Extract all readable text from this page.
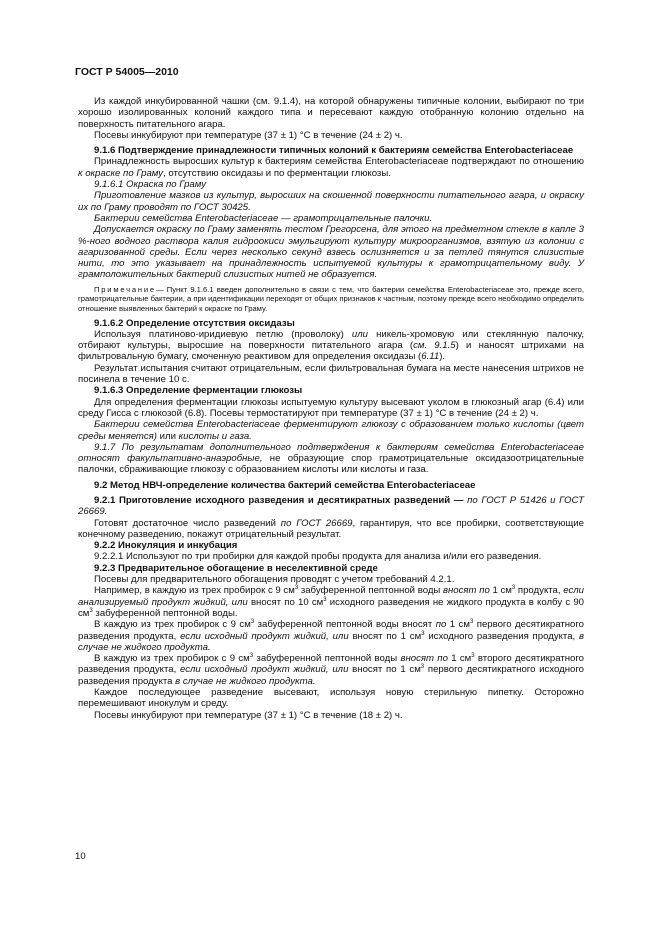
ГОСТ Р 54005—2010

Из каждой инкубированной чашки (см. 9.1.4), на которой обнаружены типичные колонии, выбирают по три хорошо изолированных колоний каждого типа и пересевают каждую отобранную колонию отдельно на поверхность питательного агара.

Посевы инкубируют при температуре (37 ± 1) °С в течение (24 ± 2) ч.

9.1.6 Подтверждение принадлежности типичных колоний к бактериям семейства Enterobacteriaceae

Принадлежность выросших культур к бактериям семейства Enterobacteriaceae подтверждают по отношению к окраске по Граму, отсутствию оксидазы и по ферментации глюкозы.

9.1.6.1 Окраска по Граму

Приготовление мазков из культур, выросших на скошенной поверхности питательного агара, и окраску их по Граму проводят по ГОСТ 30425.

Бактерии семейства Enterobacteriaceae — грамотрицательные палочки.

Допускается окраску по Граму заменять тестом Грегорсена, для этого на предметном стекле в капле 3 %-ного водного раствора калия гидроокиси эмульгируют культуру микроорганизмов, взятую из колонии с агаризованной среды. Если через несколько секунд взвесь ослизняется и за петлей тянутся слизистые нити, то это указывает на принадлежность испытуемой культуры к грамотрицательному виду. У грамположительных бактерий слизистых нитей не образуется.

Примечание— Пункт 9.1.6.1 введен дополнительно в связи с тем, что бактерии семейства Enterobacteriaceae это, прежде всего, грамотрицательные бактерии, а при идентификации переходят от общих признаков к частным, поэтому прежде всего необходимо определить отношение выявленных бактерий к окраске по Граму.

9.1.6.2 Определение отсутствия оксидазы

Используя платиново-иридиевую петлю (проволоку) или никель-хромовую или стеклянную палочку, отбирают культуры, выросшие на поверхности питательного агара (см. 9.1.5) и наносят штрихами на фильтровальную бумагу, смоченную реактивом для определения оксидазы (6.11).

Результат испытания считают отрицательным, если фильтровальная бумага на месте нанесения штрихов не посинела в течение 10 с.

9.1.6.3 Определение ферментации глюкозы

Для определения ферментации глюкозы испытуемую культуру высевают уколом в глюкозный агар (6.4) или среду Гисса с глюкозой (6.8). Посевы термостатируют при температуре (37 ± 1) °С в течение (24 ± 2) ч.

Бактерии семейства Enterobacteriaceae ферментируют глюкозу с образованием только кислоты (цвет среды меняется) или кислоты и газа.

9.1.7 По результатам дополнительного подтверждения к бактериям семейства Enterobacteriaceae относят факультативно-анаэробные, не образующие спор грамотрицательные оксидазоотрицательные палочки, сбраживающие глюкозу с образованием кислоты или кислоты и газа.

9.2 Метод НВЧ-определение количества бактерий семейства Enterobacteriaceae

9.2.1 Приготовление исходного разведения и десятикратных разведений — по ГОСТ Р 51426 и ГОСТ 26669.

Готовят достаточное число разведений по ГОСТ 26669, гарантируя, что все пробирки, соответствующие конечному разведению, покажут отрицательный результат.

9.2.2 Инокуляция и инкубация

9.2.2.1 Используют по три пробирки для каждой пробы продукта для анализа и/или его разведения.

9.2.3 Предварительное обогащение в неселективной среде

Посевы для предварительного обогащения проводят с учетом требований 4.2.1.

Например, в каждую из трех пробирок с 9 $см^3$ забуференной пептонной воды вносят по 1 $см^3$ продукта, если анализируемый продукт жидкий, или вносят по 10 $см^3$ исходного разведения не жидкого продукта в колбу с 90 $см^3$ забуференной пептонной воды.

В каждую из трех пробирок с 9 $см^3$ забуференной пептонной воды вносят по 1 $см^3$ первого десятикратного разведения продукта, если исходный продукт жидкий, или вносят по 1 $см^3$ исходного разведения продукта, в случае не жидкого продукта.

В каждую из трех пробирок с 9 $см^3$ забуференной пептонной воды вносят по 1 $см^3$ второго десятикратного разведения продукта, если исходный продукт жидкий, или вносят по 1 $см^3$ первого десятикратного исходного разведения продукта в случае не жидкого продукта.

Каждое последующее разведение высевают, используя новую стерильную пипетку. Осторожно перемешивают инокулум и среду.

Посевы инкубируют при температуре (37 ± 1) °С в течение (18 ± 2) ч.

10
